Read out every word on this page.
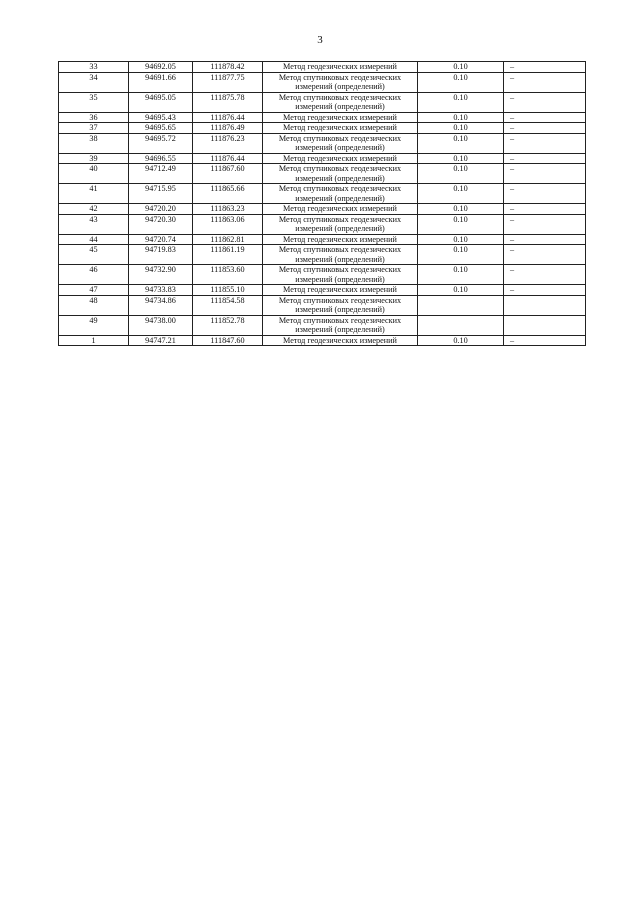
3
33	94692.05	111878.42	Метод геодезических измерений	0.10	–
34	94691.66	111877.75	Метод спутниковых геодезических измерений (определений)	0.10	–
35	94695.05	111875.78	Метод спутниковых геодезических измерений (определений)	0.10	–
36	94695.43	111876.44	Метод геодезических измерений	0.10	–
37	94695.65	111876.49	Метод геодезических измерений	0.10	–
38	94695.72	111876.23	Метод спутниковых геодезических измерений (определений)	0.10	–
39	94696.55	111876.44	Метод геодезических измерений	0.10	–
40	94712.49	111867.60	Метод спутниковых геодезических измерений (определений)	0.10	–
41	94715.95	111865.66	Метод спутниковых геодезических измерений (определений)	0.10	–
42	94720.20	111863.23	Метод геодезических измерений	0.10	–
43	94720.30	111863.06	Метод спутниковых геодезических измерений (определений)	0.10	–
44	94720.74	111862.81	Метод геодезических измерений	0.10	–
45	94719.83	111861.19	Метод спутниковых геодезических измерений (определений)	0.10	–
46	94732.90	111853.60	Метод спутниковых геодезических измерений (определений)	0.10	–
47	94733.83	111855.10	Метод геодезических измерений	0.10	–
48	94734.86	111854.58	Метод спутниковых геодезических измерений (определений)		
49	94738.00	111852.78	Метод спутниковых геодезических измерений (определений)		
1	94747.21	111847.60	Метод геодезических измерений	0.10	–
